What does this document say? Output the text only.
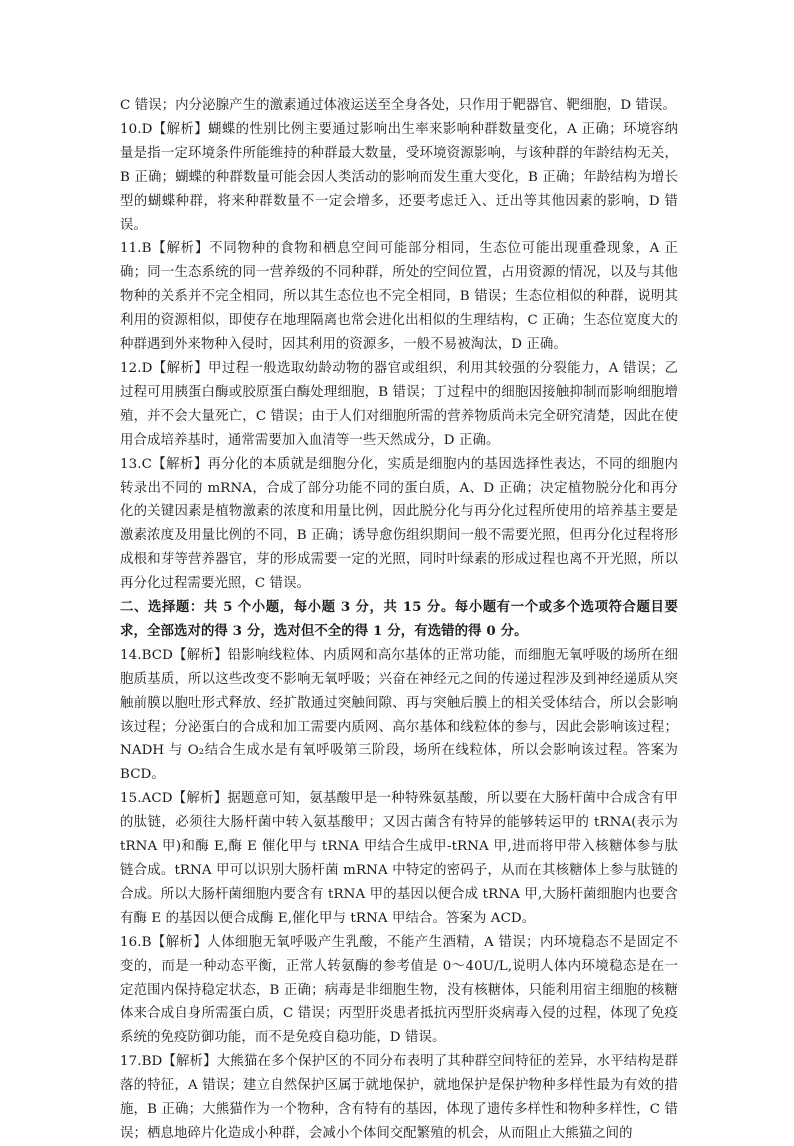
C 错误；内分泌腺产生的激素通过体液运送至全身各处，只作用于靶器官、靶细胞，D 错误。

10.D【解析】蝴蝶的性别比例主要通过影响出生率来影响种群数量变化，A 正确；环境容纳量是指一定环境条件所能维持的种群最大数量，受环境资源影响，与该种群的年龄结构无关，B 正确；蝴蝶的种群数量可能会因人类活动的影响而发生重大变化，B 正确；年龄结构为增长型的蝴蝶种群，将来种群数量不一定会增多，还要考虑迁入、迁出等其他因素的影响，D 错误。

11.B【解析】不同物种的食物和栖息空间可能部分相同，生态位可能出现重叠现象，A 正确；同一生态系统的同一营养级的不同种群，所处的空间位置，占用资源的情况，以及与其他物种的关系并不完全相同，所以其生态位也不完全相同，B 错误；生态位相似的种群，说明其利用的资源相似，即使存在地理隔离也常会进化出相似的生理结构，C 正确；生态位宽度大的种群遇到外来物种入侵时，因其利用的资源多，一般不易被淘汰，D 正确。

12.D【解析】甲过程一般选取幼龄动物的器官或组织，利用其较强的分裂能力，A 错误；乙过程可用胰蛋白酶或胶原蛋白酶处理细胞，B 错误；丁过程中的细胞因接触抑制而影响细胞增殖，并不会大量死亡，C 错误；由于人们对细胞所需的营养物质尚未完全研究清楚，因此在使用合成培养基时，通常需要加入血清等一些天然成分，D 正确。

13.C【解析】再分化的本质就是细胞分化，实质是细胞内的基因选择性表达，不同的细胞内转录出不同的 mRNA，合成了部分功能不同的蛋白质，A、D 正确；决定植物脱分化和再分化的关键因素是植物激素的浓度和用量比例，因此脱分化与再分化过程所使用的培养基主要是激素浓度及用量比例的不同，B 正确；诱导愈伤组织期间一般不需要光照，但再分化过程将形成根和芽等营养器官，芽的形成需要一定的光照，同时叶绿素的形成过程也离不开光照，所以再分化过程需要光照，C 错误。

二、选择题：共 5 个小题，每小题 3 分，共 15 分。每小题有一个或多个选项符合题目要求，全部选对的得 3 分，选对但不全的得 1 分，有选错的得 0 分。

14.BCD【解析】铅影响线粒体、内质网和高尔基体的正常功能，而细胞无氧呼吸的场所在细胞质基质，所以这些改变不影响无氧呼吸；兴奋在神经元之间的传递过程涉及到神经递质从突触前膜以胞吐形式释放、经扩散通过突触间隙、再与突触后膜上的相关受体结合，所以会影响该过程；分泌蛋白的合成和加工需要内质网、高尔基体和线粒体的参与，因此会影响该过程；NADH 与 O₂结合生成水是有氧呼吸第三阶段，场所在线粒体，所以会影响该过程。答案为 BCD。

15.ACD【解析】据题意可知，氨基酸甲是一种特殊氨基酸，所以要在大肠杆菌中合成含有甲的肽链，必须往大肠杆菌中转入氨基酸甲；又因古菌含有特异的能够转运甲的 tRNA(表示为 tRNA 甲)和酶 E,酶 E 催化甲与 tRNA 甲结合生成甲-tRNA 甲,进而将甲带入核糖体参与肽链合成。tRNA 甲可以识别大肠杆菌 mRNA 中特定的密码子，从而在其核糖体上参与肽链的合成。所以大肠杆菌细胞内要含有 tRNA 甲的基因以便合成 tRNA 甲,大肠杆菌细胞内也要含有酶 E 的基因以便合成酶 E,催化甲与 tRNA 甲结合。答案为 ACD。

16.B【解析】人体细胞无氧呼吸产生乳酸，不能产生酒精，A 错误；内环境稳态不是固定不变的，而是一种动态平衡，正常人转氨酶的参考值是 0～40U/L,说明人体内环境稳态是在一定范围内保持稳定状态，B 正确；病毒是非细胞生物，没有核糖体，只能利用宿主细胞的核糖体来合成自身所需蛋白质，C 错误；丙型肝炎患者抵抗丙型肝炎病毒入侵的过程，体现了免疫系统的免疫防御功能，而不是免疫自稳功能，D 错误。

17.BD【解析】大熊猫在多个保护区的不同分布表明了其种群空间特征的差异，水平结构是群落的特征，A 错误；建立自然保护区属于就地保护，就地保护是保护物种多样性最为有效的措施，B 正确；大熊猫作为一个物种，含有特有的基因，体现了遗传多样性和物种多样性，C 错误；栖息地碎片化造成小种群，会减小个体间交配繁殖的机会，从而阻止大熊猫之间的
